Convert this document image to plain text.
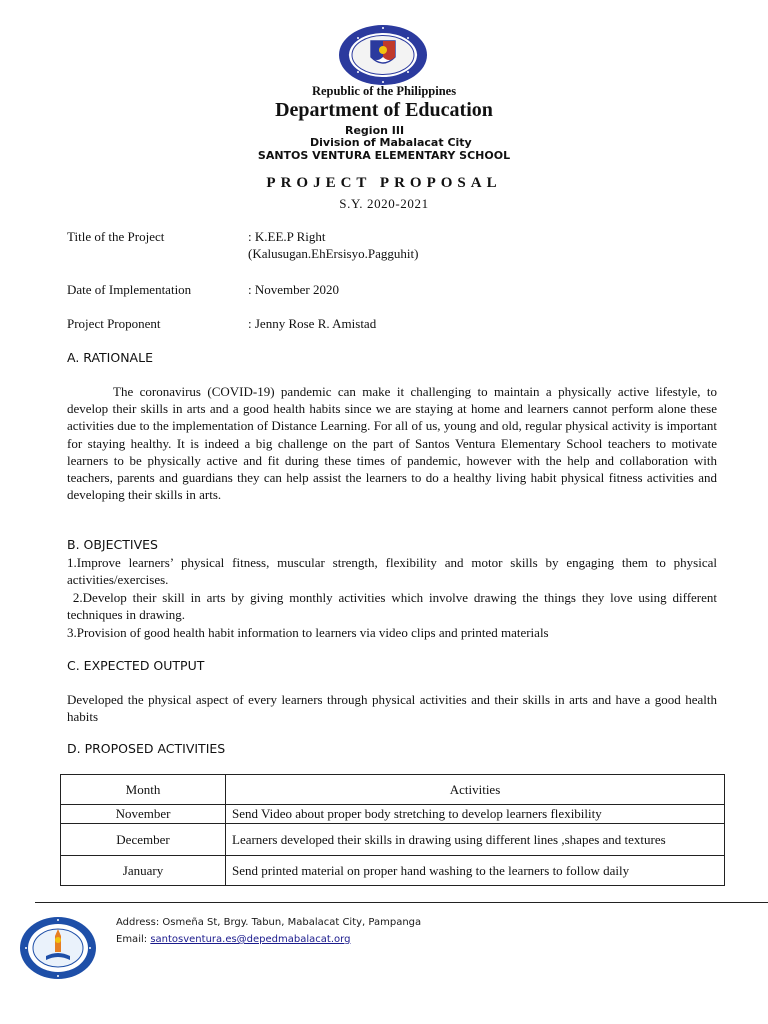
Republic of the Philippines
Department of Education
Region III
Division of Mabalacat City
SANTOS VENTURA ELEMENTARY SCHOOL
PROJECT PROPOSAL
S.Y. 2020-2021
Title of the Project	: K.EE.P Right
(Kalusugan.EhErsisyo.Pagguhit)
Date of Implementation	: November 2020
Project Proponent	: Jenny Rose R. Amistad
A. RATIONALE
The coronavirus (COVID-19) pandemic can make it challenging to maintain a physically active lifestyle, to develop their skills in arts and a good health habits since we are staying at home and learners cannot perform alone these activities due to the implementation of Distance Learning. For all of us, young and old, regular physical activity is important for staying healthy. It is indeed a big challenge on the part of Santos Ventura Elementary School teachers to motivate learners to be physically active and fit during these times of pandemic, however with the help and collaboration with teachers, parents and guardians they can help assist the learners to do a healthy living habit physical fitness activities and developing their skills in arts.
B. OBJECTIVES
1.Improve learners’ physical fitness, muscular strength, flexibility and motor skills by engaging them to physical activities/exercises.
2.Develop their skill in arts by giving monthly activities which involve drawing the things they love using different techniques in drawing.
3.Provision of good health habit information to learners via video clips and printed materials
C. EXPECTED OUTPUT
Developed the physical aspect of every learners through physical activities and their skills in arts and have a good health habits
D. PROPOSED ACTIVITIES
Month	Activities
November	Send Video about proper body stretching to develop learners flexibility
December	Learners developed their skills in drawing using different lines ,shapes and textures
January	Send printed material on proper hand washing to the learners to follow daily
Address: Osmeña St, Brgy. Tabun, Mabalacat City, Pampanga
Email: santosventura.es@depedmabalacat.org
